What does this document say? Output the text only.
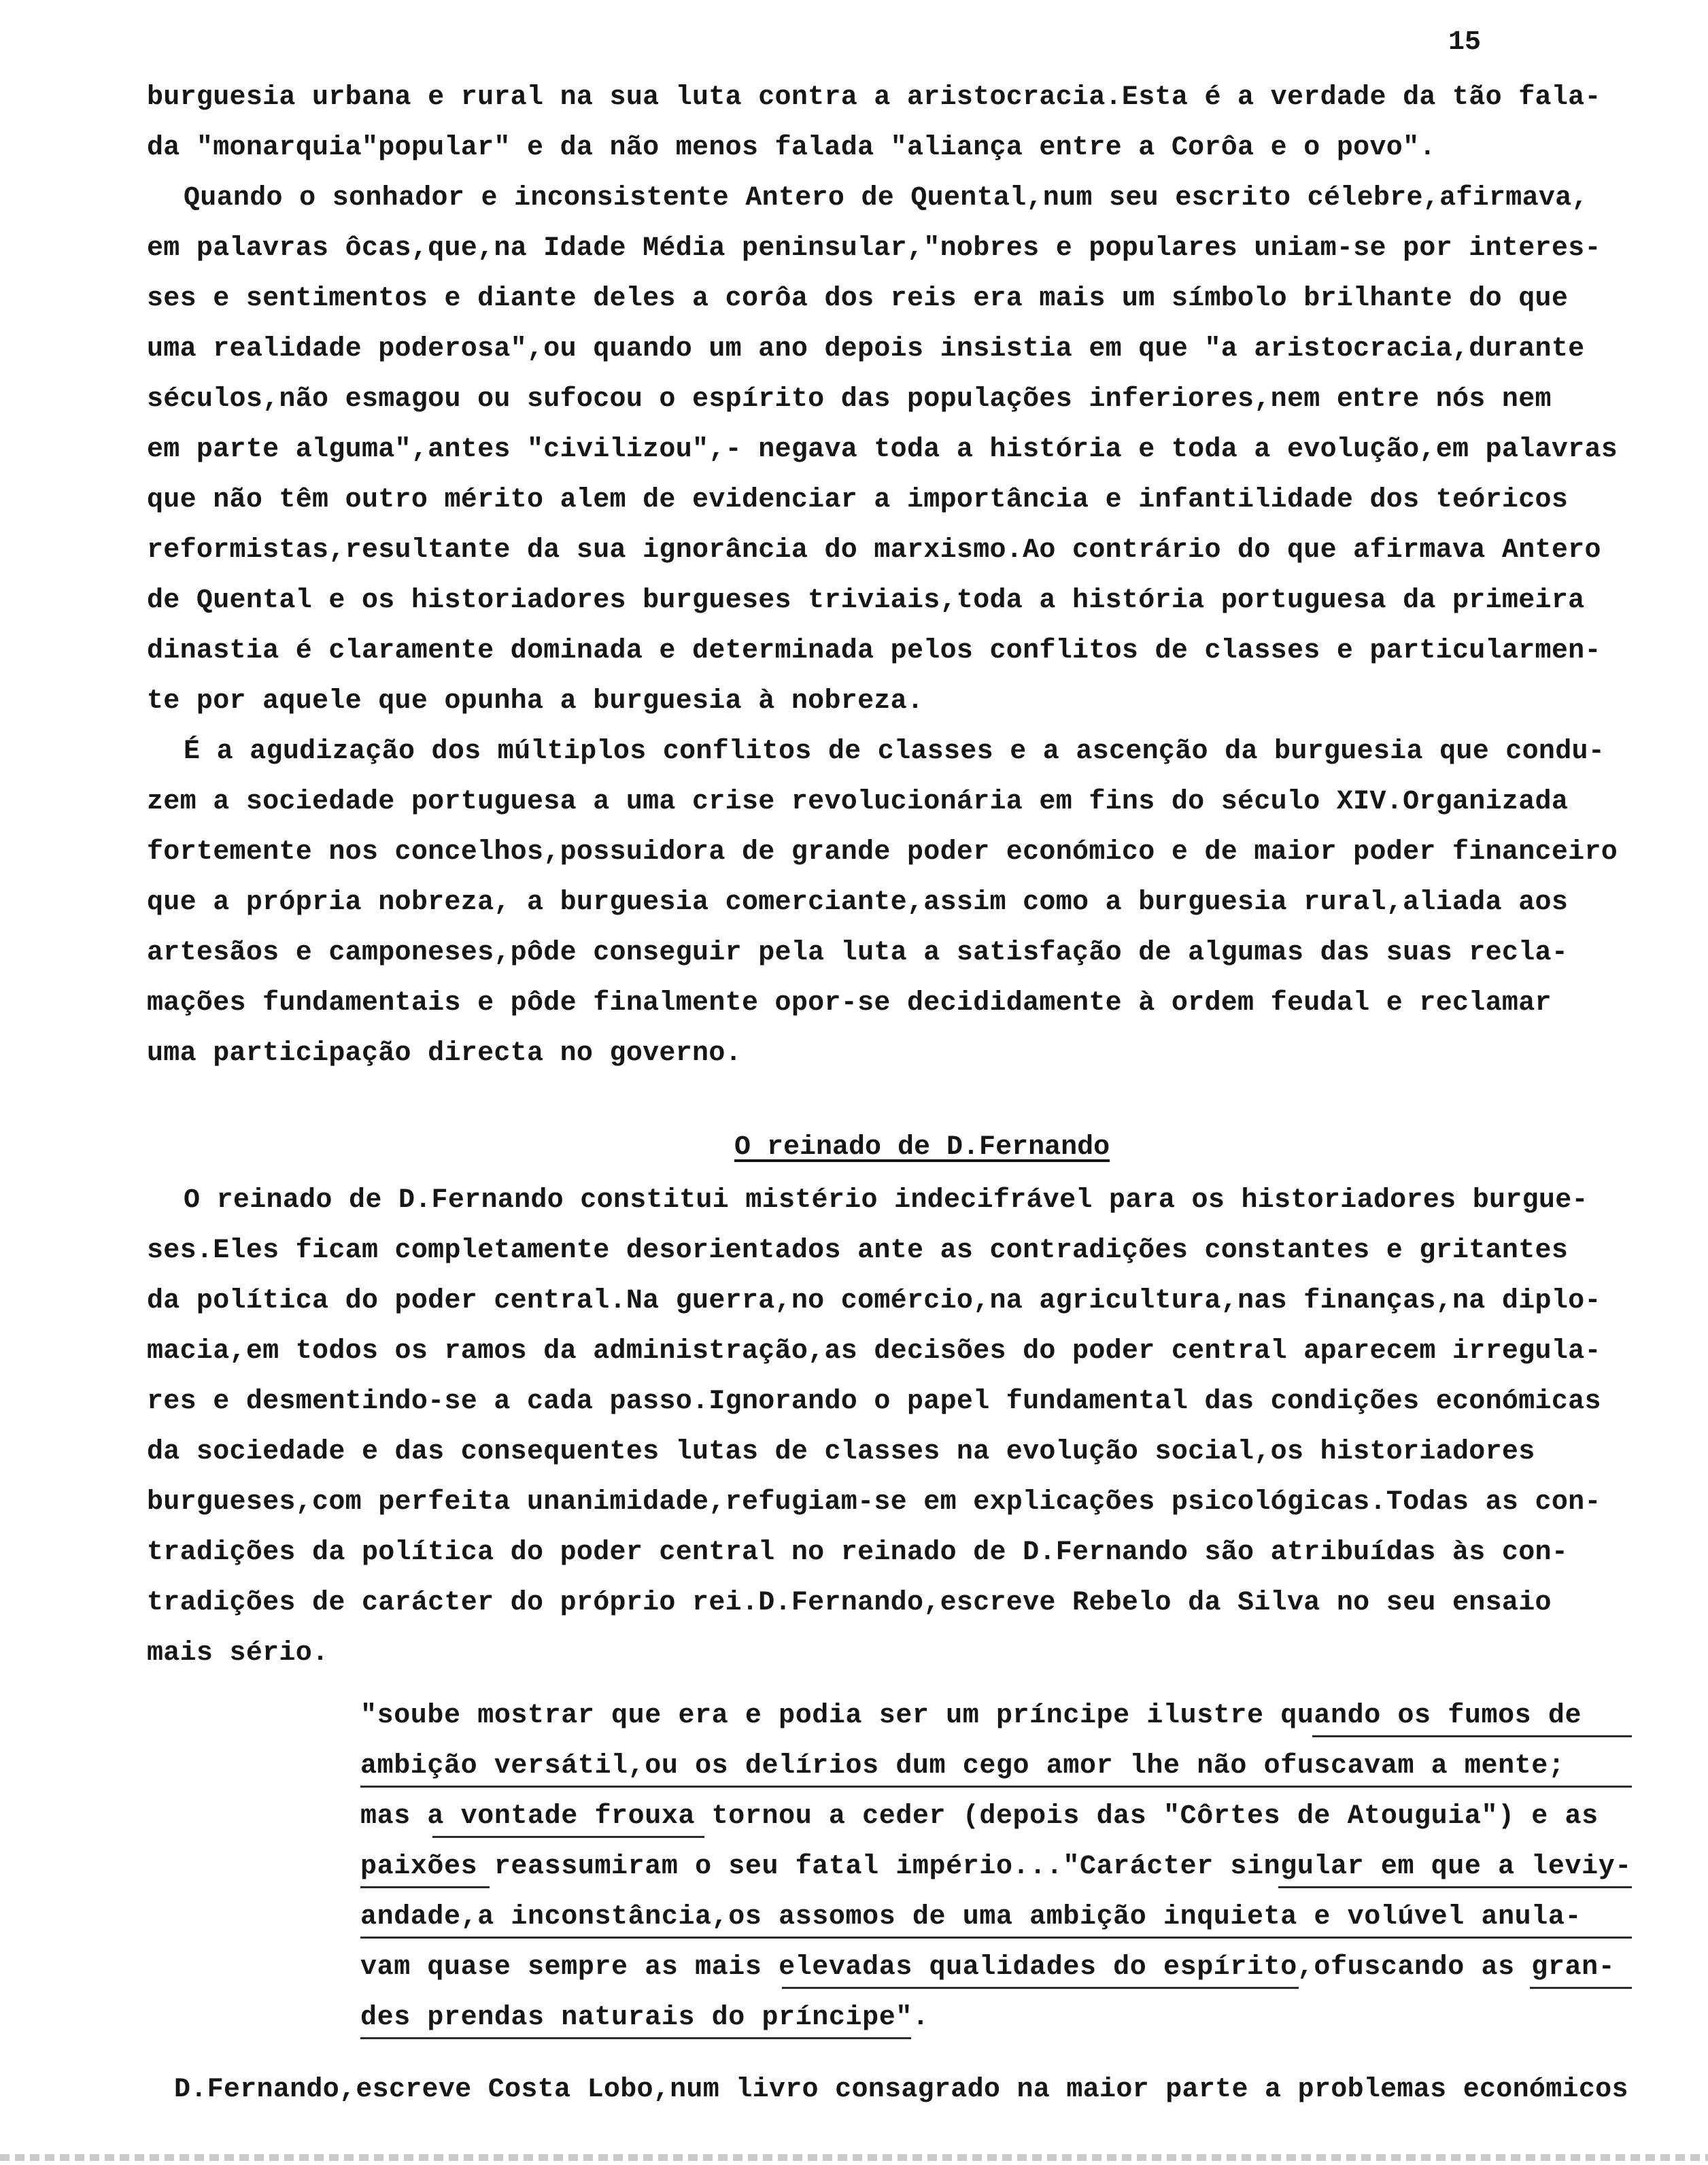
15
burguesia urbana e rural na sua luta contra a aristocracia.Esta é a verdade da tão fala-
da "monarquia"popular" e da não menos falada "aliança entre a Corôa e o povo".
Quando o sonhador e inconsistente Antero de Quental,num seu escrito célebre,afirmava,
em palavras ôcas,que,na Idade Média peninsular,"nobres e populares uniam-se por interes-
ses e sentimentos e diante deles a corôa dos reis era mais um símbolo brilhante do que
uma realidade poderosa",ou quando um ano depois insistia em que "a aristocracia,durante
séculos,não esmagou ou sufocou o espírito das populações inferiores,nem entre nós nem
em parte alguma",antes "civilizou",- negava toda a história e toda a evolução,em palavras
que não têm outro mérito alem de evidenciar a importância e infantilidade dos teóricos
reformistas,resultante da sua ignorância do marxismo.Ao contrário do que afirmava Antero
de Quental e os historiadores burgueses triviais,toda a história portuguesa da primeira
dinastia é claramente dominada e determinada pelos conflitos de classes e particularmen-
te por aquele que opunha a burguesia à nobreza.
É a agudização dos múltiplos conflitos de classes e a ascenção da burguesia que condu-
zem a sociedade portuguesa a uma crise revolucionária em fins do século XIV.Organizada
fortemente nos concelhos,possuidora de grande poder económico e de maior poder financeiro
que a própria nobreza, a burguesia comerciante,assim como a burguesia rural,aliada aos
artesãos e camponeses,pôde conseguir pela luta a satisfação de algumas das suas recla-
mações fundamentais e pôde finalmente opor-se decididamente à ordem feudal e reclamar
uma participação directa no governo.
O reinado de D.Fernando
O reinado de D.Fernando constitui mistério indecifrável para os historiadores burgue-
ses.Eles ficam completamente desorientados ante as contradições constantes e gritantes
da política do poder central.Na guerra,no comércio,na agricultura,nas finanças,na diplo-
macia,em todos os ramos da administração,as decisões do poder central aparecem irregula-
res e desmentindo-se a cada passo.Ignorando o papel fundamental das condições económicas
da sociedade e das consequentes lutas de classes na evolução social,os historiadores
burgueses,com perfeita unanimidade,refugiam-se em explicações psicológicas.Todas as con-
tradições da política do poder central no reinado de D.Fernando são atribuídas às con-
tradições de carácter do próprio rei.D.Fernando,escreve Rebelo da Silva no seu ensaio
mais sério.
"soube mostrar que era e podia ser um príncipe ilustre quando os fumos de
ambição versátil,ou os delírios dum cego amor lhe não ofuscavam a mente;
mas a vontade frouxa tornou a ceder (depois das "Côrtes de Atouguia") e as
paixões reassumiram o seu fatal império..."Carácter singular em que a leviy-
andade,a inconstância,os assomos de uma ambição inquieta e volúvel anula-
vam quase sempre as mais elevadas qualidades do espírito,ofuscando as gran-
des prendas naturais do príncipe".
D.Fernando,escreve Costa Lobo,num livro consagrado na maior parte a problemas económicos
